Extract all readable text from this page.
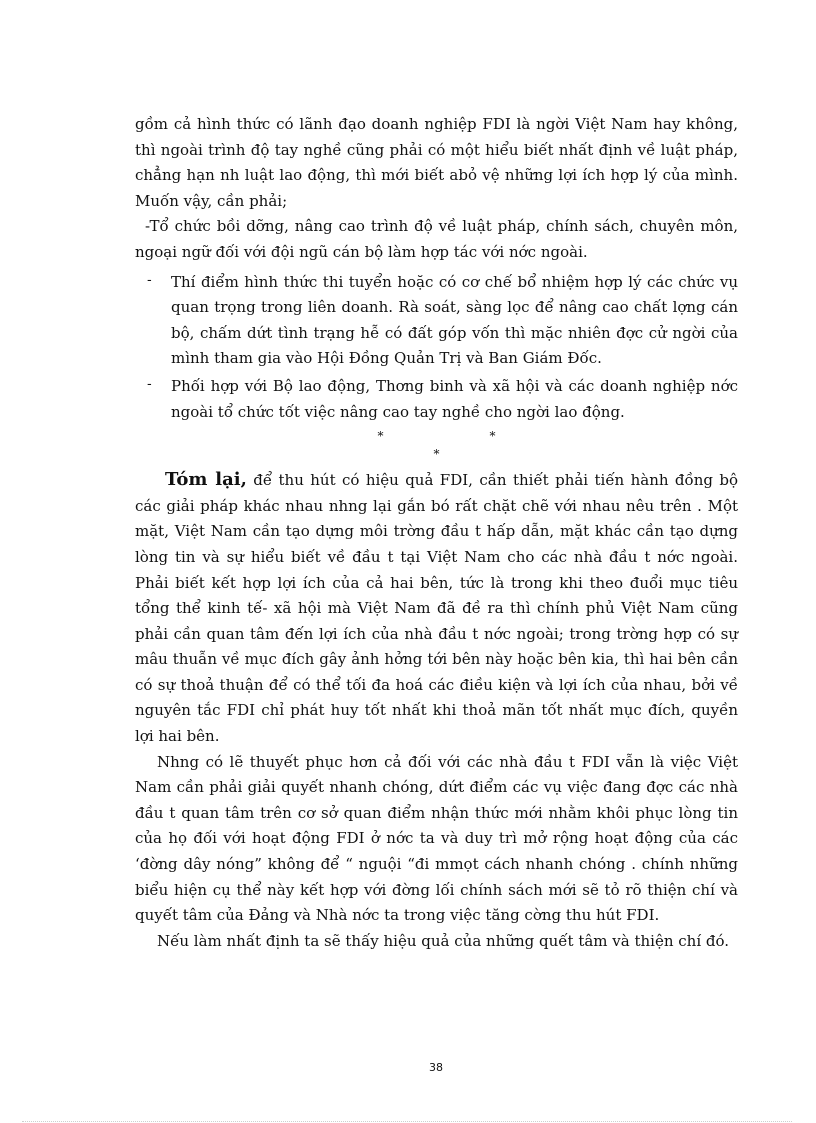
gồm cả hình thức có lãnh đạo doanh nghiệp FDI là ngời Việt Nam hay không, thì ngoài trình độ tay nghề cũng phải có một hiểu biết nhất định về luật pháp, chẳng hạn nh luật lao động, thì mới biết abỏ vệ những lợi ích hợp lý của mình. Muốn vậy, cần phải;

-Tổ chức bồi dỡng, nâng cao trình độ về luật pháp, chính sách, chuyên môn, ngoại ngữ đối với đội ngũ cán bộ làm hợp tác với nớc ngoài.

- Thí điểm hình thức thi tuyển hoặc có cơ chế bổ nhiệm hợp lý các chức vụ quan trọng trong liên doanh. Rà soát, sàng lọc để nâng cao chất lợng cán bộ, chấm dứt tình trạng hễ có đất góp vốn thì mặc nhiên đợc cử ngời của mình tham gia vào Hội Đồng Quản Trị và Ban Giám Đốc.
- Phối hợp với Bộ lao động, Thơng binh và xã hội và các doanh nghiệp nớc ngoài tổ chức tốt việc nâng cao tay nghề cho ngời lao động.
*	*
*

Tóm lại, để thu hút có hiệu quả FDI, cần thiết phải tiến hành đồng bộ các giải pháp khác nhau nhng lại gắn bó rất chặt chẽ với nhau nêu trên . Một mặt, Việt Nam cần tạo dựng môi trờng đầu t hấp dẫn, mặt khác cần tạo dựng lòng tin và sự hiểu biết về đầu t tại Việt Nam cho các nhà đầu t nớc ngoài. Phải biết kết hợp lợi ích của cả hai bên, tức là trong khi theo đuổi mục tiêu tổng thể kinh tế- xã hội mà Việt Nam đã đề ra thì chính phủ Việt Nam cũng phải cần quan tâm đến lợi ích của nhà đầu t nớc ngoài; trong trờng hợp có sự mâu thuẫn về mục đích gây ảnh hởng tới bên này hoặc bên kia, thì hai bên cần có sự thoả thuận để có thể tối đa hoá các điều kiện và lợi ích của nhau, bởi về nguyên tắc FDI chỉ phát huy tốt nhất khi thoả mãn tốt nhất mục đích, quyền lợi hai bên.

Nhng có lẽ thuyết phục hơn cả đối với các nhà đầu t FDI vẫn là việc Việt Nam cần phải giải quyết nhanh chóng, dứt điểm các vụ việc đang đợc các nhà đầu t quan tâm trên cơ sở quan điểm nhận thức mới nhằm khôi phục lòng tin của họ đối với hoạt động FDI ở nớc ta và duy trì mở rộng hoạt động của các ‘đờng dây nóng” không để “ nguội “đi mmọt cách nhanh chóng . chính những biểu hiện cụ thể này kết hợp với đờng lối chính sách mới sẽ tỏ rõ thiện chí và quyết tâm của Đảng và Nhà nớc ta trong việc tăng cờng thu hút FDI.

Nếu làm nhất định ta sẽ thấy hiệu quả của những quết tâm và thiện chí đó.

38
